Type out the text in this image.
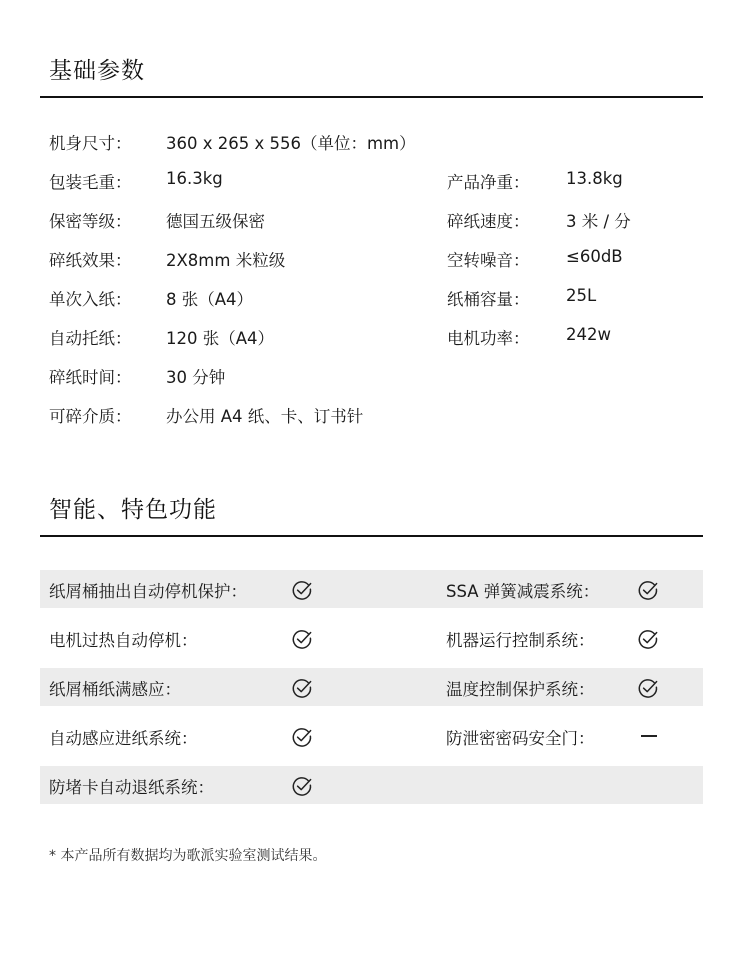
基础参数
机身尺寸： 360 x 265 x 556（单位：mm）
包装毛重： 16.3kg	产品净重： 13.8kg
保密等级： 德国五级保密	碎纸速度： 3 米 / 分
碎纸效果： 2X8mm 米粒级	空转噪音： ≤60dB
单次入纸： 8 张（A4）	纸桶容量： 25L
自动托纸： 120 张（A4）	电机功率： 242w
碎纸时间： 30 分钟
可碎介质： 办公用 A4 纸、卡、订书针
智能、特色功能
纸屑桶抽出自动停机保护：	SSA 弹簧减震系统：
电机过热自动停机：	机器运行控制系统：
纸屑桶纸满感应：	温度控制保护系统：
自动感应进纸系统：	防泄密密码安全门：
防堵卡自动退纸系统：
* 本产品所有数据均为歌派实验室测试结果。
